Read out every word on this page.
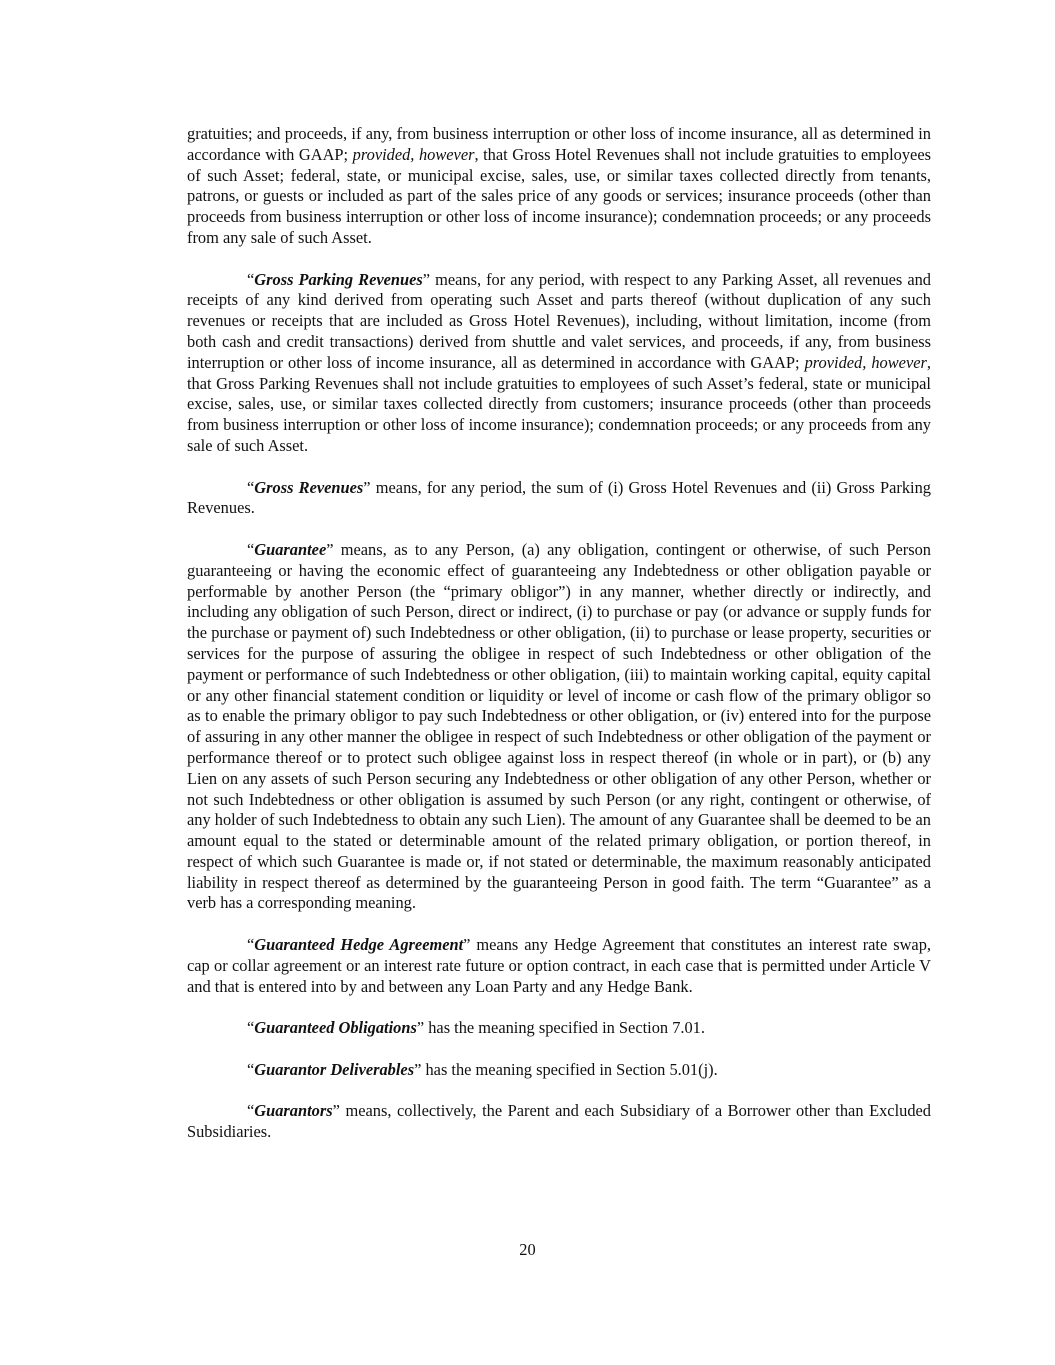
gratuities; and proceeds, if any, from business interruption or other loss of income insurance, all as determined in accordance with GAAP; provided, however, that Gross Hotel Revenues shall not include gratuities to employees of such Asset; federal, state, or municipal excise, sales, use, or similar taxes collected directly from tenants, patrons, or guests or included as part of the sales price of any goods or services; insurance proceeds (other than proceeds from business interruption or other loss of income insurance); condemnation proceeds; or any proceeds from any sale of such Asset.

“Gross Parking Revenues” means, for any period, with respect to any Parking Asset, all revenues and receipts of any kind derived from operating such Asset and parts thereof (without duplication of any such revenues or receipts that are included as Gross Hotel Revenues), including, without limitation, income (from both cash and credit transactions) derived from shuttle and valet services, and proceeds, if any, from business interruption or other loss of income insurance, all as determined in accordance with GAAP; provided, however, that Gross Parking Revenues shall not include gratuities to employees of such Asset’s federal, state or municipal excise, sales, use, or similar taxes collected directly from customers; insurance proceeds (other than proceeds from business interruption or other loss of income insurance); condemnation proceeds; or any proceeds from any sale of such Asset.

“Gross Revenues” means, for any period, the sum of (i) Gross Hotel Revenues and (ii) Gross Parking Revenues.

“Guarantee” means, as to any Person, (a) any obligation, contingent or otherwise, of such Person guaranteeing or having the economic effect of guaranteeing any Indebtedness or other obligation payable or performable by another Person (the “primary obligor”) in any manner, whether directly or indirectly, and including any obligation of such Person, direct or indirect, (i) to purchase or pay (or advance or supply funds for the purchase or payment of) such Indebtedness or other obligation, (ii) to purchase or lease property, securities or services for the purpose of assuring the obligee in respect of such Indebtedness or other obligation of the payment or performance of such Indebtedness or other obligation, (iii) to maintain working capital, equity capital or any other financial statement condition or liquidity or level of income or cash flow of the primary obligor so as to enable the primary obligor to pay such Indebtedness or other obligation, or (iv) entered into for the purpose of assuring in any other manner the obligee in respect of such Indebtedness or other obligation of the payment or performance thereof or to protect such obligee against loss in respect thereof (in whole or in part), or (b) any Lien on any assets of such Person securing any Indebtedness or other obligation of any other Person, whether or not such Indebtedness or other obligation is assumed by such Person (or any right, contingent or otherwise, of any holder of such Indebtedness to obtain any such Lien). The amount of any Guarantee shall be deemed to be an amount equal to the stated or determinable amount of the related primary obligation, or portion thereof, in respect of which such Guarantee is made or, if not stated or determinable, the maximum reasonably anticipated liability in respect thereof as determined by the guaranteeing Person in good faith. The term “Guarantee” as a verb has a corresponding meaning.

“Guaranteed Hedge Agreement” means any Hedge Agreement that constitutes an interest rate swap, cap or collar agreement or an interest rate future or option contract, in each case that is permitted under Article V and that is entered into by and between any Loan Party and any Hedge Bank.

“Guaranteed Obligations” has the meaning specified in Section 7.01.

“Guarantor Deliverables” has the meaning specified in Section 5.01(j).

“Guarantors” means, collectively, the Parent and each Subsidiary of a Borrower other than Excluded Subsidiaries.

20
